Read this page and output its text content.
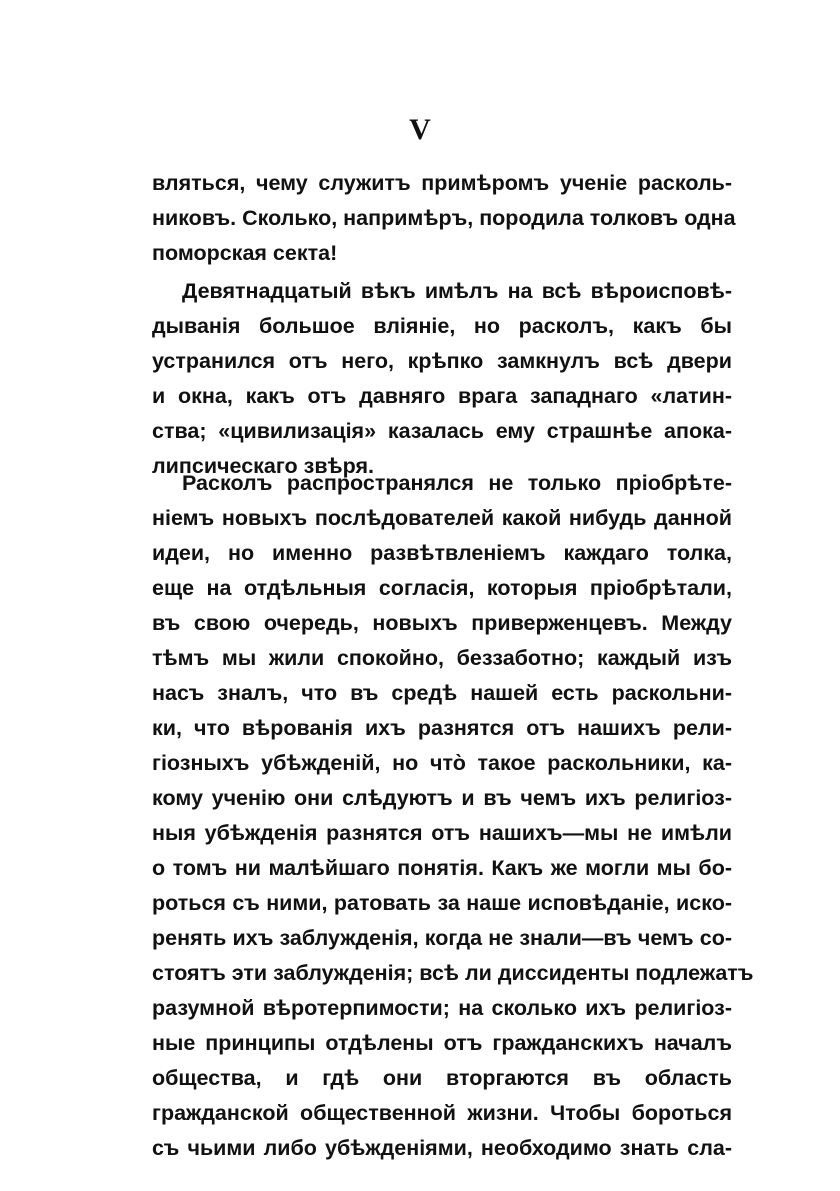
V
вляться, чему служитъ примѣромъ ученіе расколь-
никовъ. Сколько, напримѣръ, породила толковъ одна
поморская секта!
Девятнадцатый вѣкъ имѣлъ на всѣ вѣроисповѣ-
дыванія большое вліяніе, но расколъ, какъ бы
устранился отъ него, крѣпко замкнулъ всѣ двери
и окна, какъ отъ давняго врага западнаго «латин-
ства; «цивилизація» казалась ему страшнѣе апока-
липсическаго звѣря.
Расколъ распространялся не только пріобрѣте-
ніемъ новыхъ послѣдователей какой нибудь данной
идеи, но именно развѣтвленіемъ каждаго толка,
еще на отдѣльныя согласія, которыя пріобрѣтали,
въ свою очередь, новыхъ приверженцевъ. Между
тѣмъ мы жили спокойно, беззаботно; каждый изъ
насъ зналъ, что въ средѣ нашей есть раскольни-
ки, что вѣрованія ихъ разнятся отъ нашихъ рели-
гіозныхъ убѣжденій, но что̀ такое раскольники, ка-
кому ученію они слѣдуютъ и въ чемъ ихъ религіоз-
ныя убѣжденія разнятся отъ нашихъ—мы не имѣли
о томъ ни малѣйшаго понятія. Какъ же могли мы бо-
роться съ ними, ратовать за наше исповѣданіе, иско-
ренять ихъ заблужденія, когда не знали—въ чемъ со-
стоятъ эти заблужденія; всѣ ли диссиденты подлежатъ
разумной вѣротерпимости; на сколько ихъ религіоз-
ные принципы отдѣлены отъ гражданскихъ началъ
общества, и гдѣ они вторгаются въ область
гражданской общественной жизни. Чтобы бороться
съ чьими либо убѣжденіями, необходимо знать сла-
